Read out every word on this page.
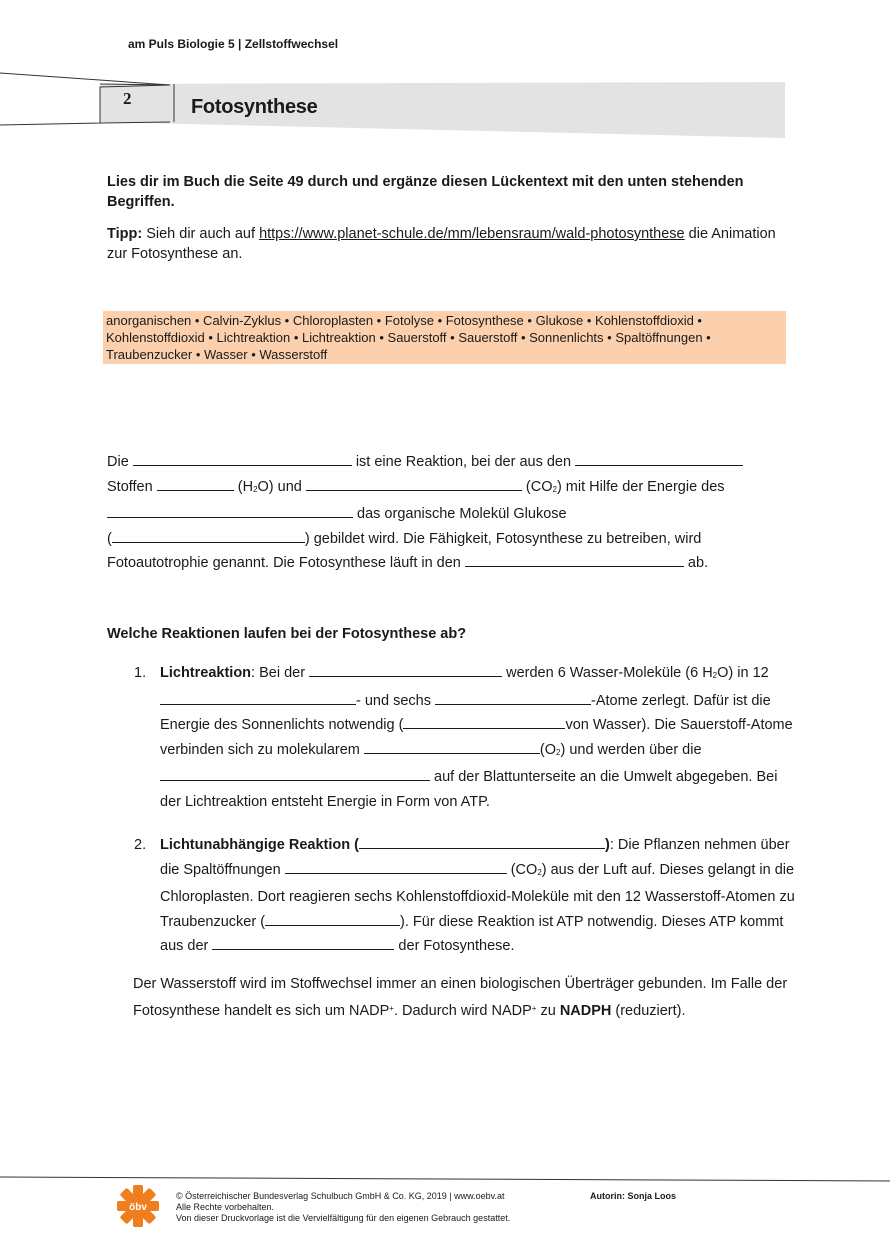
am Puls Biologie 5 | Zellstoffwechsel
2	Fotosynthese
Lies dir im Buch die Seite 49 durch und ergänze diesen Lückentext mit den unten stehenden Begriffen.
Tipp: Sieh dir auch auf https://www.planet-schule.de/mm/lebensraum/wald-photosynthese die Animation zur Fotosynthese an.
anorganischen • Calvin-Zyklus • Chloroplasten • Fotolyse • Fotosynthese • Glukose • Kohlenstoffdioxid • Kohlenstoffdioxid • Lichtreaktion • Lichtreaktion • Sauerstoff • Sauerstoff • Sonnenlichts • Spaltöffnungen • Traubenzucker • Wasser • Wasserstoff
Die	ist eine Reaktion, bei der aus den
Stoffen	$(H_2O)$ und	$(CO_2)$ mit Hilfe der Energie des
das organische Molekül Glukose
(	) gebildet wird. Die Fähigkeit, Fotosynthese zu betreiben, wird Fotoautotrophie genannt. Die Fotosynthese läuft in den	ab.
Welche Reaktionen laufen bei der Fotosynthese ab?
1. Lichtreaktion: Bei der	werden 6 Wasser-Moleküle (6 $H_2O$) in 12 - und sechs	-Atome zerlegt. Dafür ist die Energie des Sonnenlichts notwendig (	von Wasser). Die Sauerstoff-Atome verbinden sich zu molekularem	$(O_2)$ und werden über die  auf der Blattunterseite an die Umwelt abgegeben. Bei der Lichtreaktion entsteht Energie in Form von ATP.
2. Lichtunabhängige Reaktion (	): Die Pflanzen nehmen über die Spaltöffnungen	$(CO_2)$ aus der Luft auf. Dieses gelangt in die Chloroplasten. Dort reagieren sechs Kohlenstoffdioxid-Moleküle mit den 12 Wasserstoff-Atomen zu Traubenzucker (	). Für diese Reaktion ist ATP notwendig. Dieses ATP kommt aus der	der Fotosynthese.
Der Wasserstoff wird im Stoffwechsel immer an einen biologischen Überträger gebunden. Im Falle der Fotosynthese handelt es sich um NADP+. Dadurch wird NADP+ zu NADPH (reduziert).
öbv
© Österreichischer Bundesverlag Schulbuch GmbH & Co. KG, 2019 | www.oebv.at
Alle Rechte vorbehalten.
Von dieser Druckvorlage ist die Vervielfältigung für den eigenen Gebrauch gestattet.
Autorin: Sonja Loos
